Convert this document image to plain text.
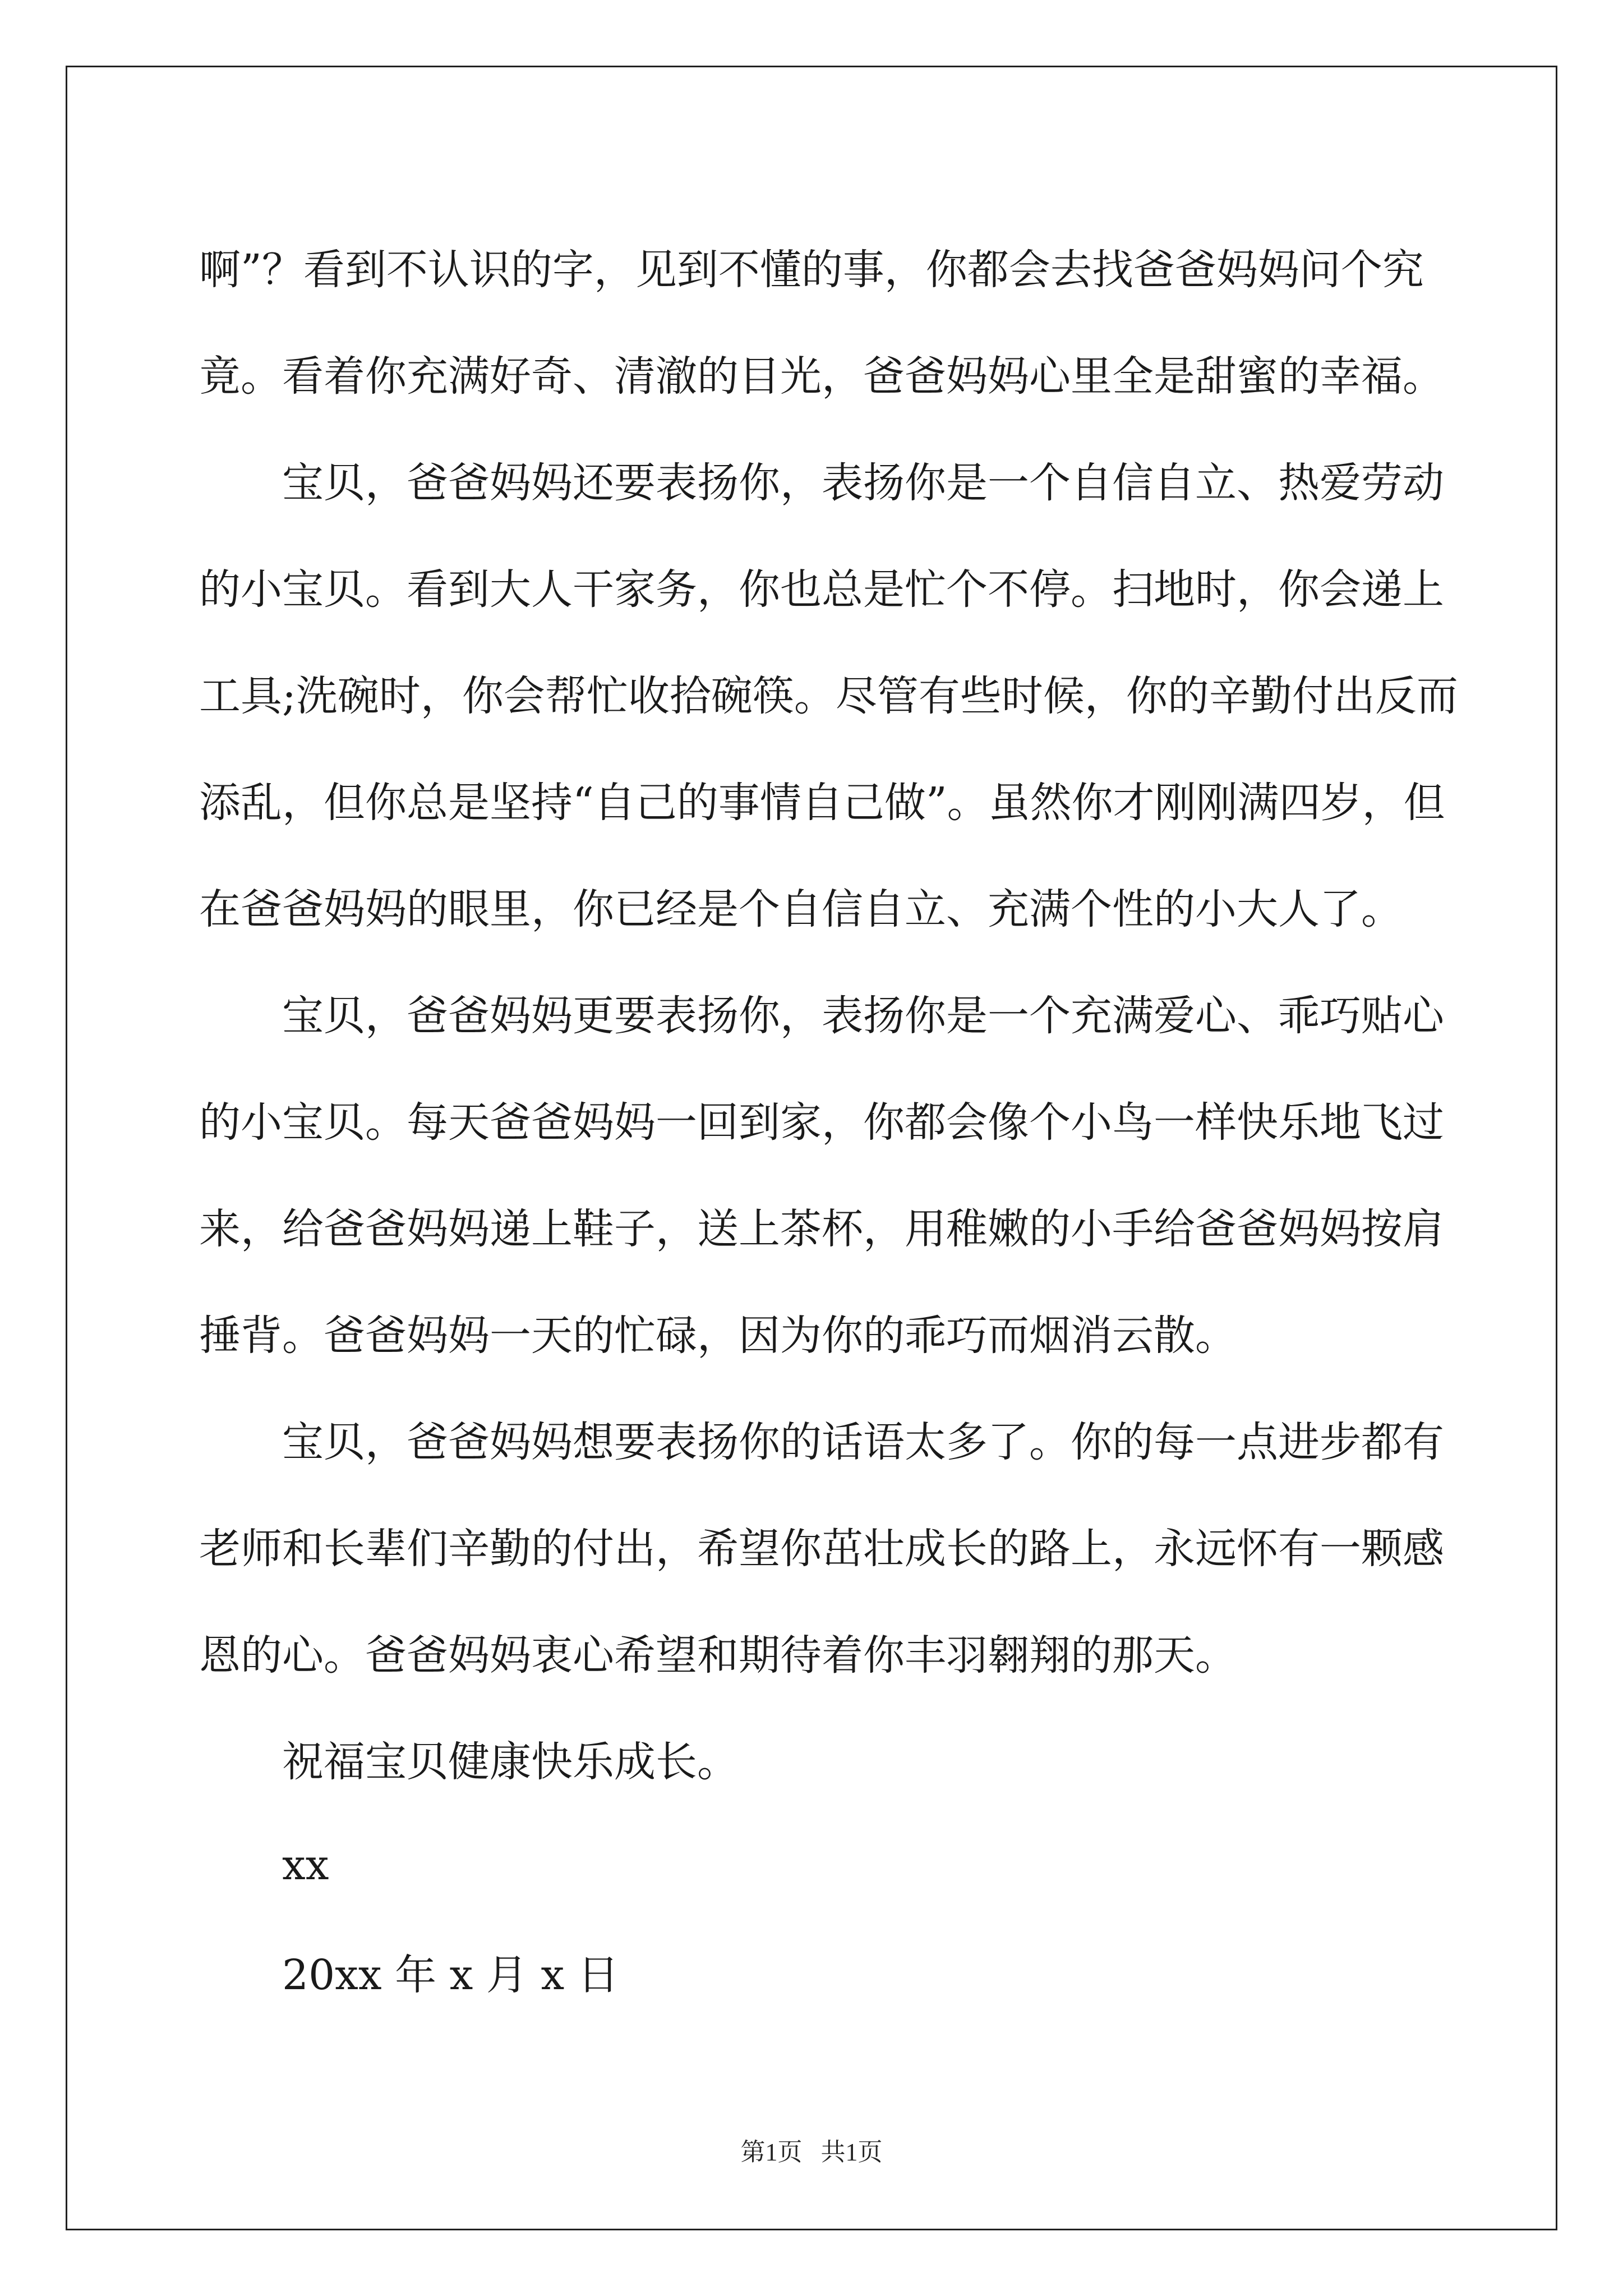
啊”？看到不认识的字，见到不懂的事，你都会去找爸爸妈妈问个究
竟。看着你充满好奇、清澈的目光，爸爸妈妈心里全是甜蜜的幸福。
宝贝，爸爸妈妈还要表扬你，表扬你是一个自信自立、热爱劳动
的小宝贝。看到大人干家务，你也总是忙个不停。扫地时，你会递上
工具;洗碗时，你会帮忙收拾碗筷。尽管有些时候，你的辛勤付出反而
添乱，但你总是坚持“自己的事情自己做”。虽然你才刚刚满四岁，但
在爸爸妈妈的眼里，你已经是个自信自立、充满个性的小大人了。
宝贝，爸爸妈妈更要表扬你，表扬你是一个充满爱心、乖巧贴心
的小宝贝。每天爸爸妈妈一回到家，你都会像个小鸟一样快乐地飞过
来，给爸爸妈妈递上鞋子，送上茶杯，用稚嫩的小手给爸爸妈妈按肩
捶背。爸爸妈妈一天的忙碌，因为你的乖巧而烟消云散。
宝贝，爸爸妈妈想要表扬你的话语太多了。你的每一点进步都有
老师和长辈们辛勤的付出，希望你茁壮成长的路上，永远怀有一颗感
恩的心。爸爸妈妈衷心希望和期待着你丰羽翱翔的那天。
祝福宝贝健康快乐成长。
xx
20xx 年 x 月 x 日
第1页 共1页
